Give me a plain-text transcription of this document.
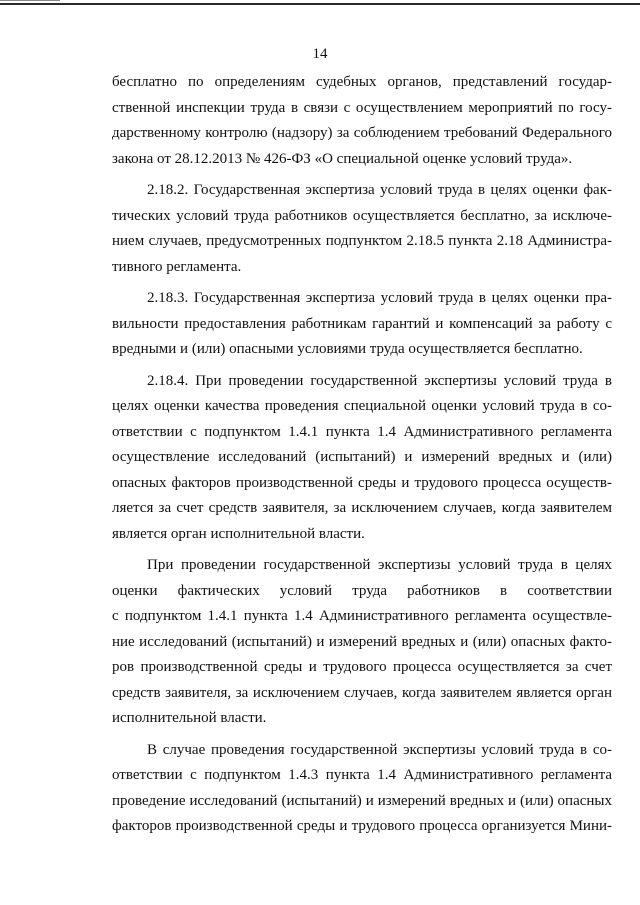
14
бесплатно по определениям судебных органов, представлений государ-
ственной инспекции труда в связи с осуществлением мероприятий по госу-
дарственному контролю (надзору) за соблюдением требований Федерального
закона от 28.12.2013 № 426-ФЗ «О специальной оценке условий труда».
2.18.2. Государственная экспертиза условий труда в целях оценки фак-
тических условий труда работников осуществляется бесплатно, за исключе-
нием случаев, предусмотренных подпунктом 2.18.5 пункта 2.18 Администра-
тивного регламента.
2.18.3. Государственная экспертиза условий труда в целях оценки пра-
вильности предоставления работникам гарантий и компенсаций за работу с
вредными и (или) опасными условиями труда осуществляется бесплатно.
2.18.4. При проведении государственной экспертизы условий труда в
целях оценки качества проведения специальной оценки условий труда в со-
ответствии с подпунктом 1.4.1 пункта 1.4 Административного регламента
осуществление исследований (испытаний) и измерений вредных и (или)
опасных факторов производственной среды и трудового процесса осуществ-
ляется за счет средств заявителя, за исключением случаев, когда заявителем
является орган исполнительной власти.
При проведении государственной экспертизы условий труда в целях
оценки фактических условий труда работников в соответствии
с подпунктом 1.4.1 пункта 1.4 Административного регламента осуществле-
ние исследований (испытаний) и измерений вредных и (или) опасных факто-
ров производственной среды и трудового процесса осуществляется за счет
средств заявителя, за исключением случаев, когда заявителем является орган
исполнительной власти.
В случае проведения государственной экспертизы условий труда в со-
ответствии с подпунктом 1.4.3 пункта 1.4 Административного регламента
проведение исследований (испытаний) и измерений вредных и (или) опасных
факторов производственной среды и трудового процесса организуется Мини-
